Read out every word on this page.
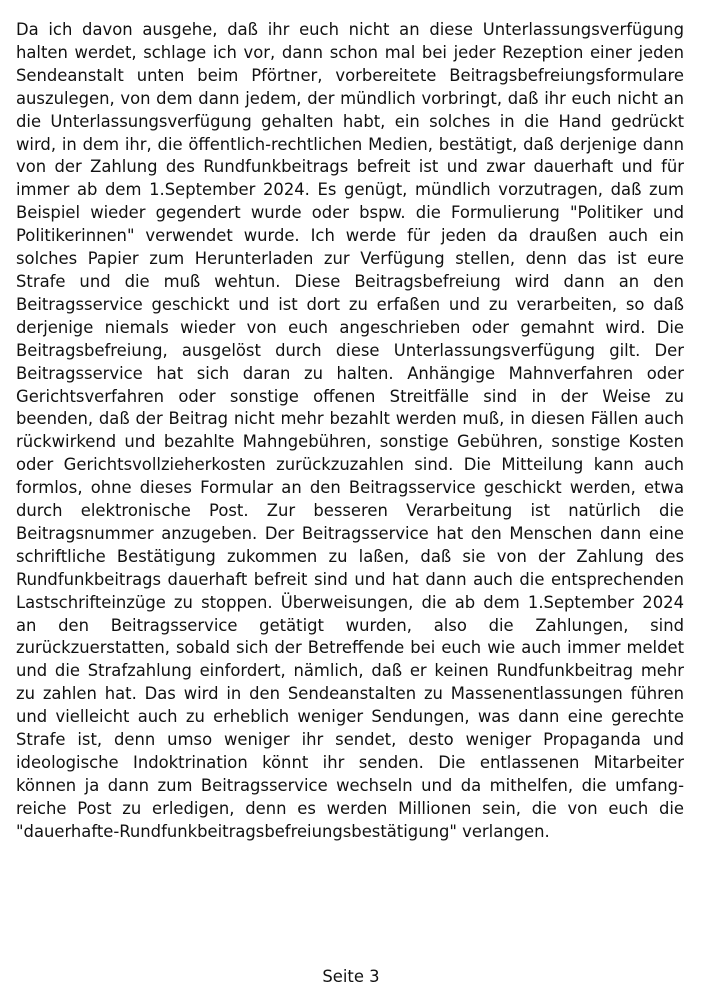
Da ich davon ausgehe, daß ihr euch nicht an diese Unterlassungsverfügung halten werdet, schlage ich vor, dann schon mal bei jeder Rezeption einer jeden Sendeanstalt unten beim Pförtner, vorbereitete Beitragsbefreiungsformulare auszulegen, von dem dann jedem, der mündlich vorbringt, daß ihr euch nicht an die Unterlassungsverfügung gehalten habt, ein solches in die Hand gedrückt wird, in dem ihr, die öffentlich-rechtlichen Medien, bestätigt, daß derjenige dann von der Zahlung des Rundfunkbeitrags befreit ist und zwar dauerhaft und für immer ab dem 1.September 2024. Es genügt, mündlich vorzutragen, daß zum Beispiel wieder gegendert wurde oder bspw. die Formulierung "Politiker und Politikerinnen" verwendet wurde. Ich werde für jeden da draußen auch ein solches Papier zum Herunterladen zur Verfügung stellen, denn das ist eure Strafe und die muß wehtun. Diese Beitragsbefreiung wird dann an den Beitragsservice geschickt und ist dort zu erfaßen und zu verarbeiten, so daß derjenige niemals wieder von euch angeschrieben oder gemahnt wird. Die Beitragsbefreiung, ausgelöst durch diese Unterlassungsverfügung gilt. Der Beitragsservice hat sich daran zu halten. Anhängige Mahnverfahren oder Gerichtsverfahren oder sonstige offenen Streitfälle sind in der Weise zu beenden, daß der Beitrag nicht mehr bezahlt werden muß, in diesen Fällen auch rückwirkend und bezahlte Mahngebühren, sonstige Gebühren, sonstige Kosten oder Gerichtsvollzieherkosten zurückzuzahlen sind. Die Mitteilung kann auch formlos, ohne dieses Formular an den Beitragsservice geschickt werden, etwa durch elektronische Post. Zur besseren Verarbeitung ist natürlich die Beitragsnummer anzugeben. Der Beitragsservice hat den Menschen dann eine schriftliche Bestätigung zukommen zu laßen, daß sie von der Zahlung des Rundfunkbeitrags dauerhaft befreit sind und hat dann auch die entsprechenden Lastschrifteinzüge zu stoppen. Überweisungen, die ab dem 1.September 2024 an den Beitragsservice getätigt wurden, also die Zahlungen, sind zurückzuerstatten, sobald sich der Betreffende bei euch wie auch immer meldet und die Strafzahlung einfordert, nämlich, daß er keinen Rundfunkbeitrag mehr zu zahlen hat. Das wird in den Sendeanstalten zu Massenentlassungen führen und vielleicht auch zu erheblich weniger Sendungen, was dann eine gerechte Strafe ist, denn umso weniger ihr sendet, desto weniger Propaganda und ideologische Indoktrination könnt ihr senden. Die entlassenen Mitarbeiter können ja dann zum Beitragsservice wechseln und da mithelfen, die umfangreiche Post zu erledigen, denn es werden Millionen sein, die von euch die "dauerhafte-Rundfunkbeitragsbefreiungsbestätigung" verlangen.

Seite 3
